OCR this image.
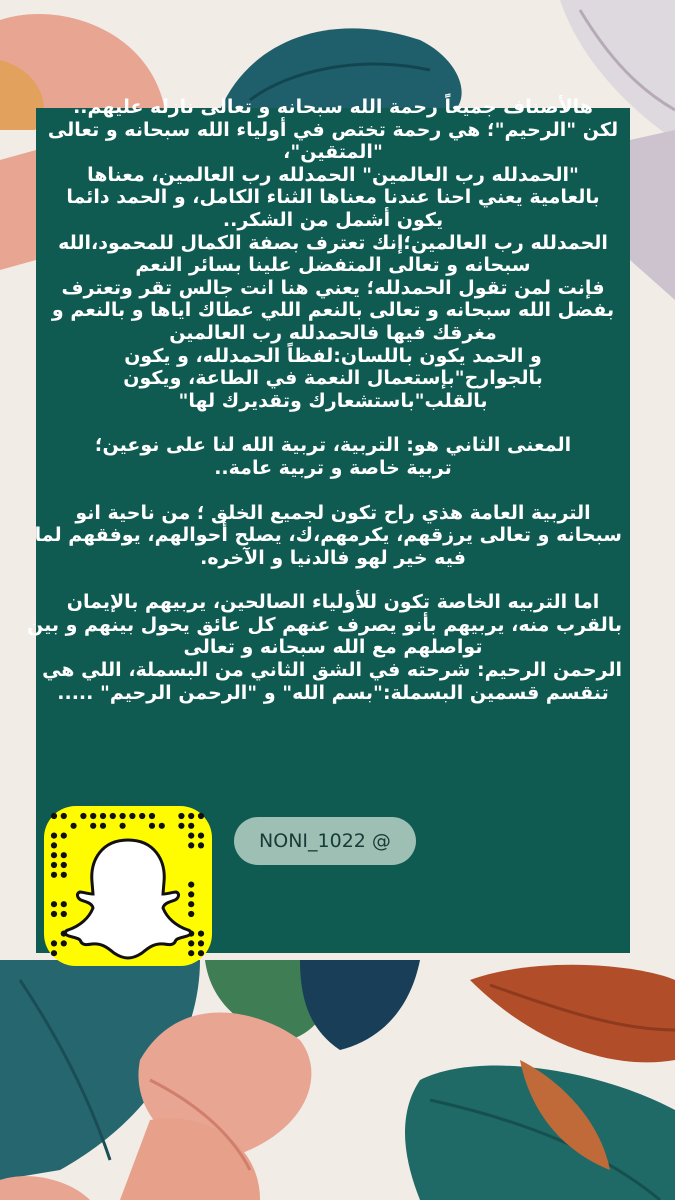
هالأصناف جميعاً رحمة الله سبحانه و تعالى نازله عليهم..

لكن "الرحيم"؛ هي رحمة تختص في أولياء الله سبحانه و تعالى

"المتقين"،

"الحمدلله رب العالمين" الحمدلله رب العالمين، معناها

بالعامية يعني احنا عندنا معناها الثناء الكامل، و الحمد دائما

يكون أشمل من الشكر..

الحمدلله رب العالمين؛إنك تعترف بصفة الكمال للمحمود،الله

سبحانه و تعالى المتفضل علينا بسائر النعم

فإنت لمن تقول الحمدلله؛ يعني هنا انت جالس تقر وتعترف

بفضل الله سبحانه و تعالى بالنعم اللي عطاك اياها و بالنعم و

مغرقك فيها فالحمدلله رب العالمين

و الحمد يكون باللسان:لفظاً الحمدلله، و يكون

بالجوارح"بإستعمال النعمة في الطاعة، ويكون

بالقلب"باستشعارك وتقديرك لها"

المعنى الثاني هو: التربية، تربية الله لنا على نوعين؛

تربية خاصة و تربية عامة..

التربية العامة هذي راح تكون لجميع الخلق ؛ من ناحية انو

سبحانه و تعالى يرزقهم، يكرمهم،ك، يصلح أحوالهم، يوفقهم لما

فيه خير لهو فالدنيا و الآخره.

اما التربيه الخاصة تكون للأولياء الصالحين، يربيهم بالإيمان

بالقرب منه، يربيهم بأنو يصرف عنهم كل عائق يحول بينهم و بين

تواصلهم مع الله سبحانه و تعالى

الرحمن الرحيم: شرحته في الشق الثاني من البسملة، اللي هي

تنقسم قسمين البسملة:"بسم الله" و "الرحمن الرحيم" .....

NONI_1022 @
